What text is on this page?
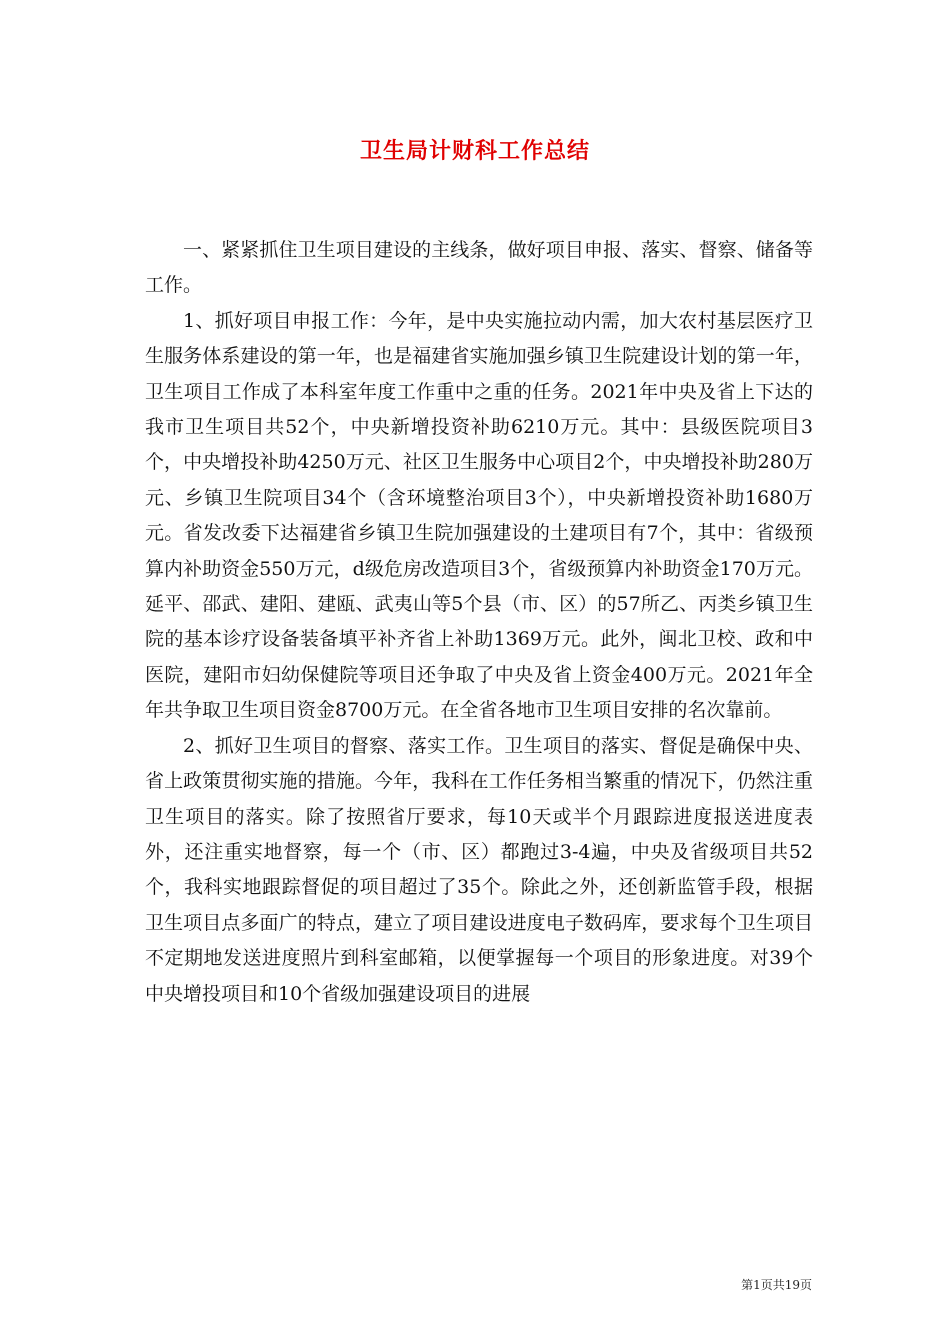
卫生局计财科工作总结

一、紧紧抓住卫生项目建设的主线条，做好项目申报、落实、督察、储备等工作。

1、抓好项目申报工作：今年，是中央实施拉动内需，加大农村基层医疗卫生服务体系建设的第一年，也是福建省实施加强乡镇卫生院建设计划的第一年，卫生项目工作成了本科室年度工作重中之重的任务。2021年中央及省上下达的我市卫生项目共52个，中央新增投资补助6210万元。其中：县级医院项目3个，中央增投补助4250万元、社区卫生服务中心项目2个，中央增投补助280万元、乡镇卫生院项目34个（含环境整治项目3个），中央新增投资补助1680万元。省发改委下达福建省乡镇卫生院加强建设的土建项目有7个，其中：省级预算内补助资金550万元，d级危房改造项目3个，省级预算内补助资金170万元。延平、邵武、建阳、建瓯、武夷山等5个县（市、区）的57所乙、丙类乡镇卫生院的基本诊疗设备装备填平补齐省上补助1369万元。此外，闽北卫校、政和中医院，建阳市妇幼保健院等项目还争取了中央及省上资金400万元。2021年全年共争取卫生项目资金8700万元。在全省各地市卫生项目安排的名次靠前。

2、抓好卫生项目的督察、落实工作。卫生项目的落实、督促是确保中央、省上政策贯彻实施的措施。今年，我科在工作任务相当繁重的情况下，仍然注重卫生项目的落实。除了按照省厅要求，每10天或半个月跟踪进度报送进度表外，还注重实地督察，每一个（市、区）都跑过3-4遍，中央及省级项目共52个，我科实地跟踪督促的项目超过了35个。除此之外，还创新监管手段，根据卫生项目点多面广的特点，建立了项目建设进度电子数码库，要求每个卫生项目不定期地发送进度照片到科室邮箱，以便掌握每一个项目的形象进度。对39个中央增投项目和10个省级加强建设项目的进展

第1页共19页
